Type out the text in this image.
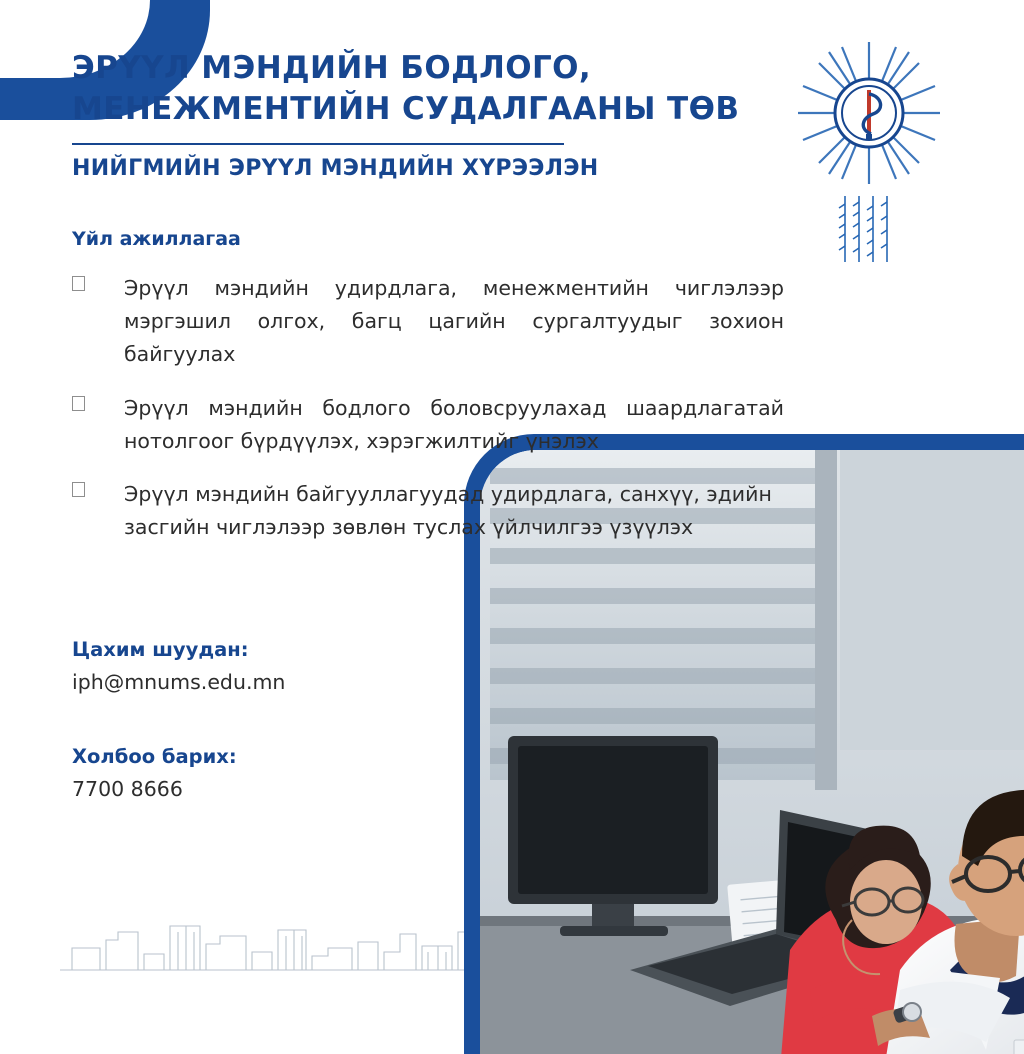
ЭРҮҮЛ МЭНДИЙН БОДЛОГО,
МЕНЕЖМЕНТИЙН СУДАЛГААНЫ ТӨВ
НИЙГМИЙН ЭРҮҮЛ МЭНДИЙН ХҮРЭЭЛЭН
Үйл ажиллагаа
Эрүүл мэндийн удирдлага, менежментийн чиглэлээр мэргэшил олгох, багц цагийн сургалтуудыг зохион байгуулах
Эрүүл мэндийн бодлого боловсруулахад шаардлагатай нотолгоог бүрдүүлэх, хэрэгжилтийг үнэлэх
Эрүүл мэндийн байгууллагуудад удирдлага, санхүү, эдийн засгийн чиглэлээр зөвлөн туслах үйлчилгээ үзүүлэх
Цахим шуудан:
iph@mnums.edu.mn
Холбоо барих:
7700 8666
